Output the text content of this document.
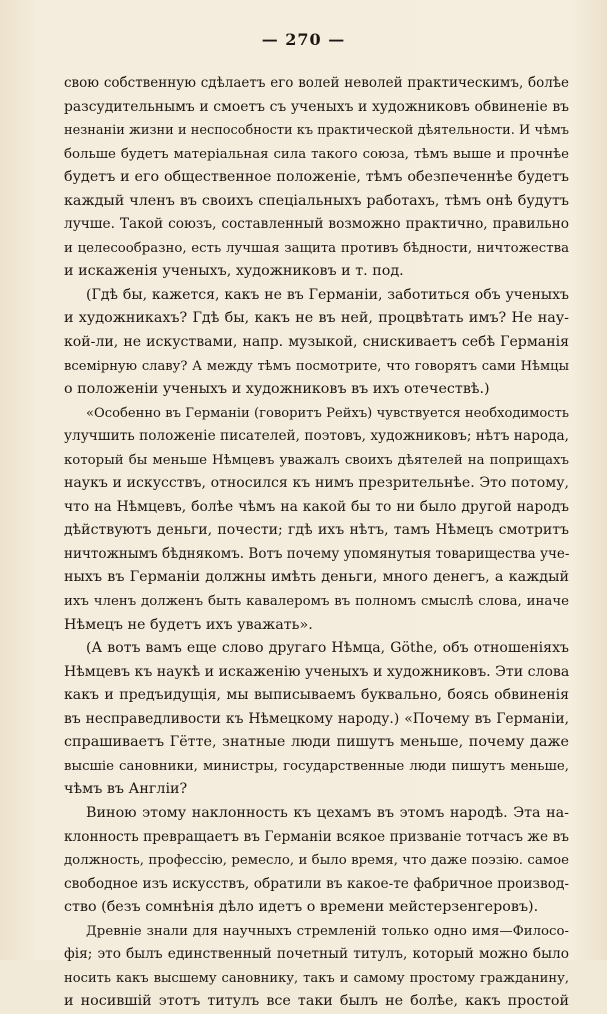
— 270 —
свою собственную сдѣлаетъ его волей неволей практическимъ, болѣе
разсудительнымъ и смоетъ съ ученыхъ и художниковъ обвиненіе въ
незнаніи жизни и неспособности къ практической дѣятельности. И чѣмъ
больше будетъ матеріальная сила такого союза, тѣмъ выше и прочнѣе
будетъ и его общественное положеніе, тѣмъ обезпеченнѣе будетъ
каждый членъ въ своихъ спеціальныхъ работахъ, тѣмъ онѣ будутъ
лучше. Такой союзъ, составленный возможно практично, правильно
и целесообразно, есть лучшая защита противъ бѣдности, ничтожества
и искаженія ученыхъ, художниковъ и т. под.
(Гдѣ бы, кажется, какъ не въ Германіи, заботиться объ ученыхъ
и художникахъ? Гдѣ бы, какъ не въ ней, процвѣтать имъ? Не нау-
кой-ли, не искуствами, напр. музыкой, снискиваетъ себѣ Германія
всемірную славу? А между тѣмъ посмотрите, что говорятъ сами Нѣмцы
о положеніи ученыхъ и художниковъ въ ихъ отечествѣ.)
«Особенно въ Германіи (говоритъ Рейхъ) чувствуется необходимость
улучшить положеніе писателей, поэтовъ, художниковъ; нѣтъ народа,
который бы меньше Нѣмцевъ уважалъ своихъ дѣятелей на поприщахъ
наукъ и искусствъ, относился къ нимъ презрительнѣе. Это потому,
что на Нѣмцевъ, болѣе чѣмъ на какой бы то ни было другой народъ
дѣйствуютъ деньги, почести; гдѣ ихъ нѣтъ, тамъ Нѣмецъ смотритъ
ничтожнымъ бѣднякомъ. Вотъ почему упомянутыя товарищества уче-
ныхъ въ Германіи должны имѣть деньги, много денегъ, а каждый
ихъ членъ долженъ быть кавалеромъ въ полномъ смыслѣ слова, иначе
Нѣмецъ не будетъ ихъ уважать».
(А вотъ вамъ еще слово другаго Нѣмца, Göthe, объ отношеніяхъ
Нѣмцевъ къ наукѣ и искаженію ученыхъ и художниковъ. Эти слова
какъ и предъидущія, мы выписываемъ буквально, боясь обвиненія
въ несправедливости къ Нѣмецкому народу.) «Почему въ Германіи,
спрашиваетъ Гётте, знатные люди пишутъ меньше, почему даже
высшіе сановники, министры, государственные люди пишутъ меньше,
чѣмъ въ Англіи?
Виною этому наклонность къ цехамъ въ этомъ народѣ. Эта на-
клонность превращаетъ въ Германіи всякое призваніе тотчасъ же въ
должность, профессію, ремесло, и было время, что даже поэзію. самое
свободное изъ искусствъ, обратили въ какое-те фабричное производ-
ство (безъ сомнѣнія дѣло идетъ о времени мейстерзенгеровъ).
Древніе знали для научныхъ стремленій только одно имя—Филосо-
фія; это былъ единственный почетный титулъ, который можно было
носить какъ высшему сановнику, такъ и самому простому гражданину,
и носившій этотъ титулъ все таки былъ не болѣе, какъ простой
